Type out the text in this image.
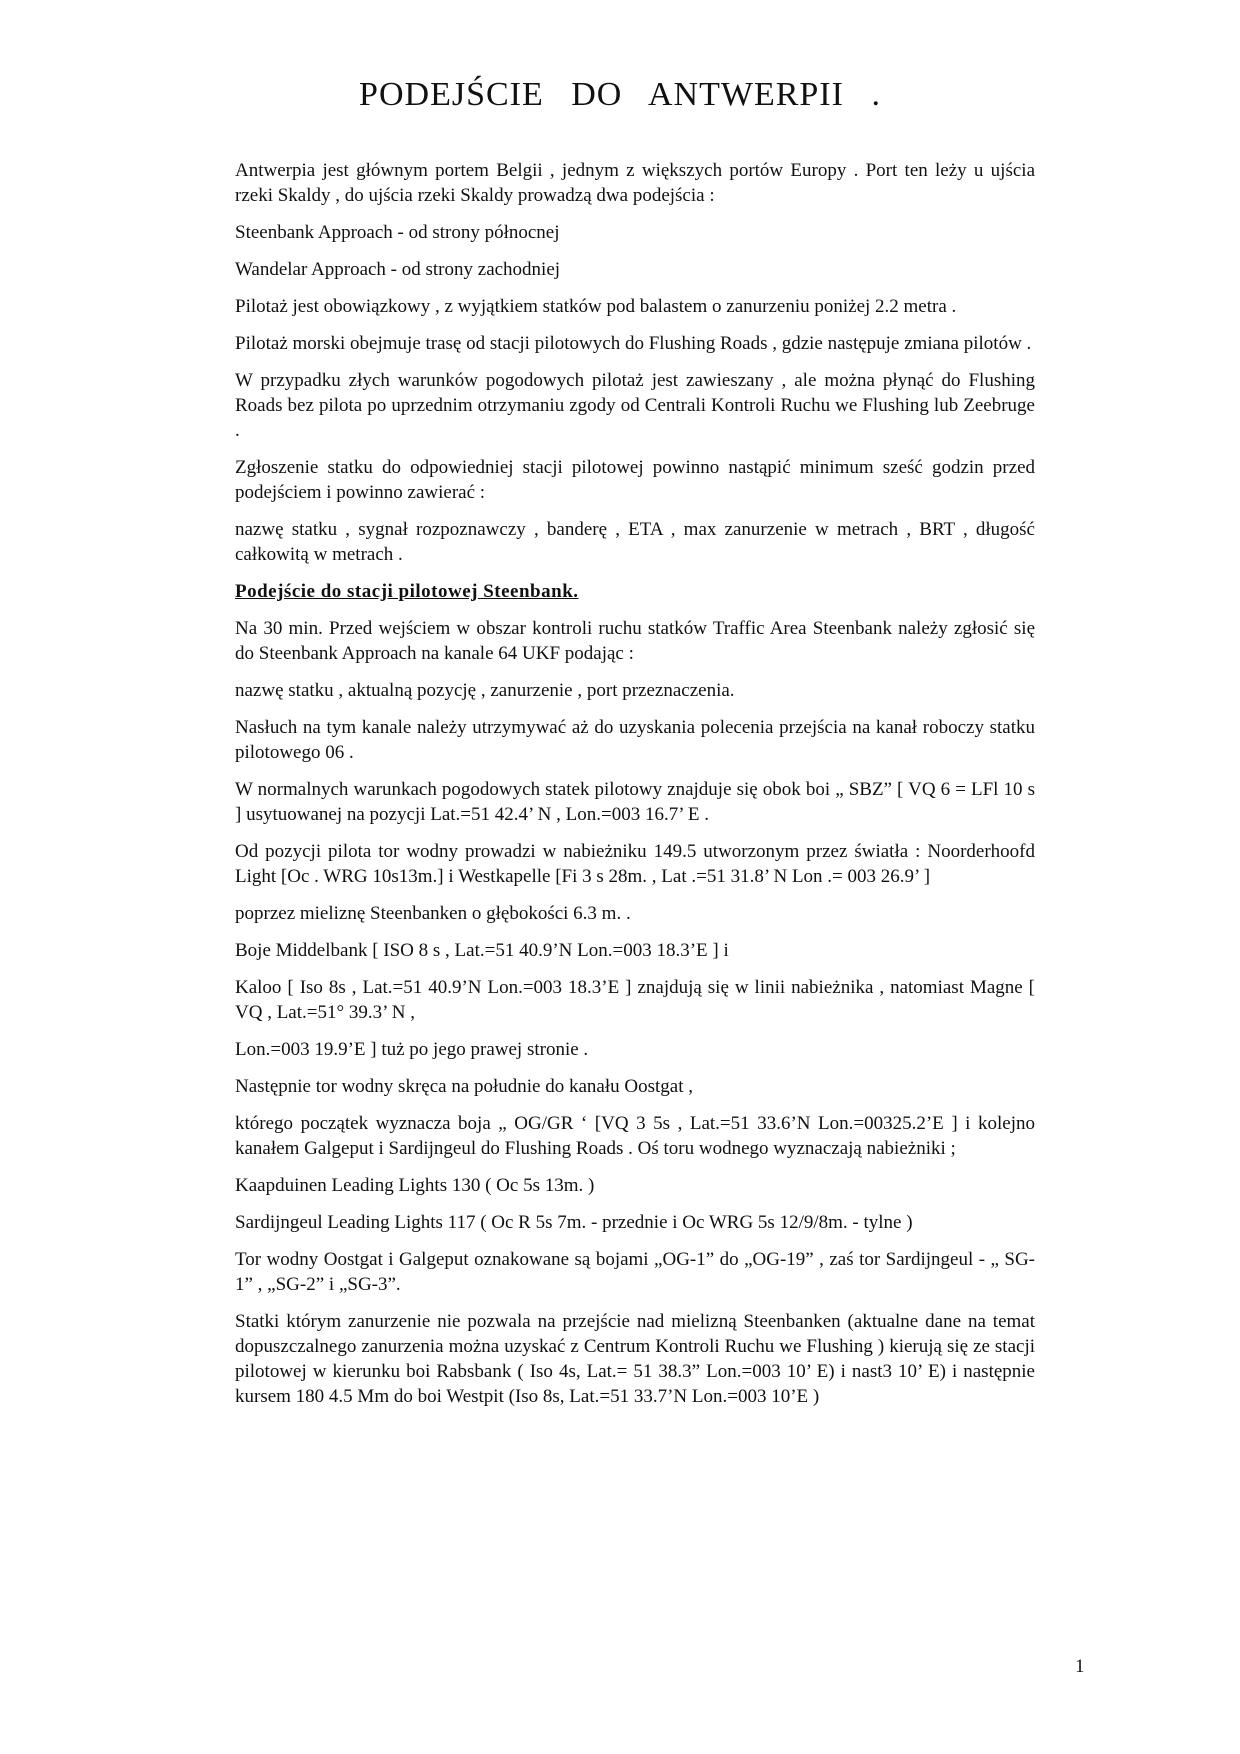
PODEJŚCIE DO ANTWERPII .

Antwerpia jest głównym portem Belgii , jednym z większych portów Europy . Port ten leży u ujścia rzeki Skaldy , do ujścia rzeki Skaldy prowadzą dwa podejścia :

Steenbank Approach - od strony północnej

Wandelar Approach - od strony zachodniej

Pilotaż jest obowiązkowy , z wyjątkiem statków pod balastem o zanurzeniu poniżej 2.2 metra .

Pilotaż morski obejmuje trasę od stacji pilotowych do Flushing Roads , gdzie następuje zmiana pilotów .

W przypadku złych warunków pogodowych pilotaż jest zawieszany , ale można płynąć do Flushing Roads bez pilota po uprzednim otrzymaniu zgody od Centrali Kontroli Ruchu we Flushing lub Zeebruge .

Zgłoszenie statku do odpowiedniej stacji pilotowej powinno nastąpić minimum sześć godzin przed podejściem i powinno zawierać :

nazwę statku , sygnał rozpoznawczy , banderę , ETA , max zanurzenie w metrach , BRT , długość całkowitą w metrach .

Podejście do stacji pilotowej Steenbank.

Na 30 min. Przed wejściem w obszar kontroli ruchu statków Traffic Area Steenbank należy zgłosić się do Steenbank Approach na kanale 64 UKF podając :

nazwę statku , aktualną pozycję , zanurzenie , port przeznaczenia.

Nasłuch na tym kanale należy utrzymywać aż do uzyskania polecenia przejścia na kanał roboczy statku pilotowego 06 .

W normalnych warunkach pogodowych statek pilotowy znajduje się obok boi „ SBZ” [ VQ 6 = LFl 10 s ] usytuowanej na pozycji Lat.=51 42.4’ N , Lon.=003 16.7’ E .

Od pozycji pilota tor wodny prowadzi w nabieżniku 149.5 utworzonym przez światła : Noorderhoofd Light [Oc . WRG 10s13m.] i Westkapelle [Fi 3 s 28m. , Lat .=51 31.8’ N Lon .= 003 26.9’ ]

poprzez mieliznę Steenbanken o głębokości 6.3 m. .

Boje Middelbank [ ISO 8 s , Lat.=51 40.9’N Lon.=003 18.3’E ] i

Kaloo [ Iso 8s , Lat.=51 40.9’N Lon.=003 18.3’E ] znajdują się w linii nabieżnika , natomiast Magne [ VQ , Lat.=51° 39.3’ N ,

Lon.=003 19.9’E ] tuż po jego prawej stronie .

Następnie tor wodny skręca na południe do kanału Oostgat ,

którego początek wyznacza boja „ OG/GR ‘ [VQ 3 5s , Lat.=51 33.6’N Lon.=00325.2’E ] i kolejno kanałem Galgeput i Sardijngeul do Flushing Roads . Oś toru wodnego wyznaczają nabieżniki ;

Kaapduinen Leading Lights 130 ( Oc 5s 13m. )

Sardijngeul Leading Lights 117 ( Oc R 5s 7m. - przednie i Oc WRG 5s 12/9/8m. - tylne )

Tor wodny Oostgat i Galgeput oznakowane są bojami „OG-1” do „OG-19” , zaś tor Sardijngeul - „ SG-1” , „SG-2” i „SG-3”.

Statki którym zanurzenie nie pozwala na przejście nad mielizną Steenbanken (aktualne dane na temat dopuszczalnego zanurzenia można uzyskać z Centrum Kontroli Ruchu we Flushing ) kierują się ze stacji pilotowej w kierunku boi Rabsbank ( Iso 4s, Lat.= 51 38.3” Lon.=003 10’ E) i nast3 10’ E) i następnie kursem 180 4.5 Mm do boi Westpit (Iso 8s, Lat.=51 33.7’N Lon.=003 10’E )

1
